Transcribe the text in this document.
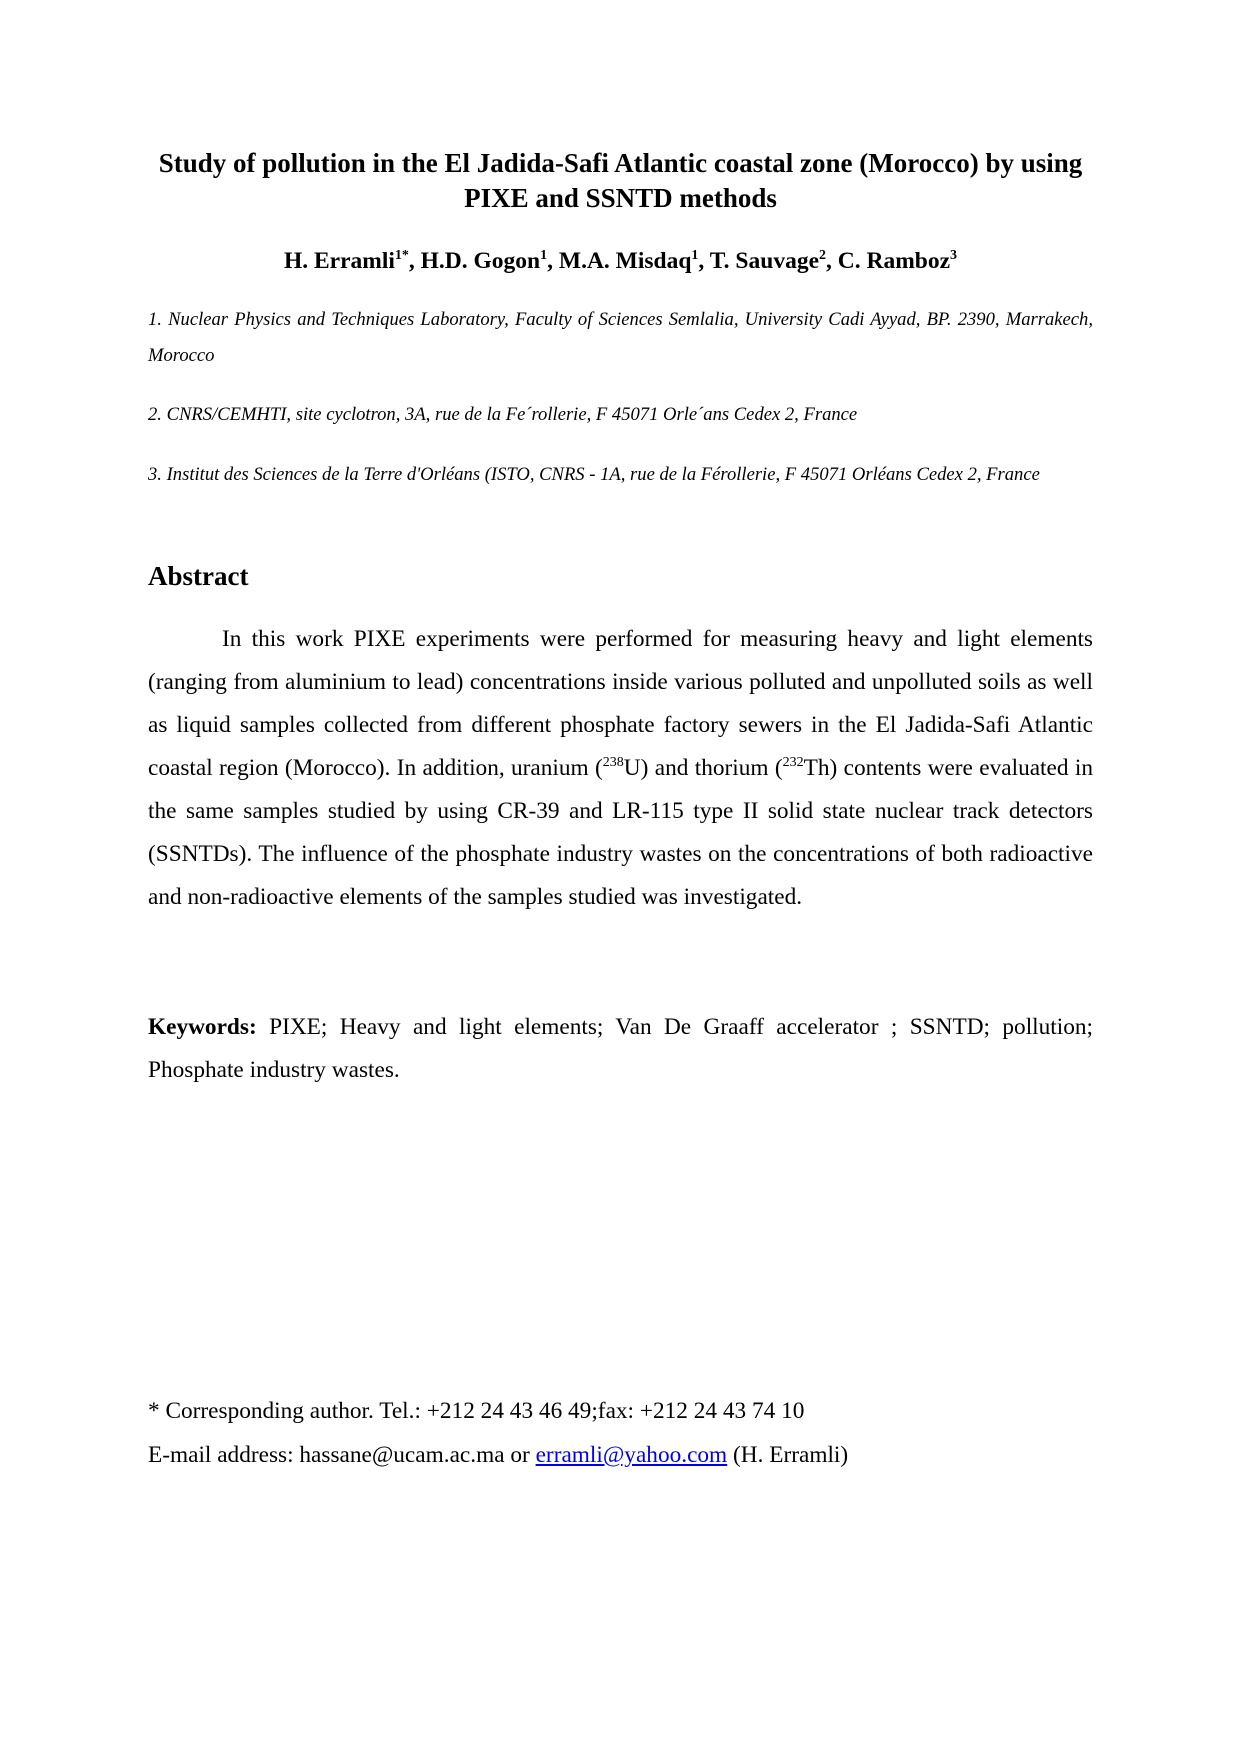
Study of pollution in the El Jadida-Safi Atlantic coastal zone (Morocco) by using PIXE and SSNTD methods
H. Erramli$^{1*}$, H.D. Gogon$^1$, M.A. Misdaq$^1$, T. Sauvage$^2$, C. Ramboz$^3$
1. Nuclear Physics and Techniques Laboratory, Faculty of Sciences Semlalia, University Cadi Ayyad, BP. 2390, Marrakech, Morocco
2. CNRS/CEMHTI, site cyclotron, 3A, rue de la Fe´rollerie, F 45071 Orle´ans Cedex 2, France
3. Institut des Sciences de la Terre d'Orléans (ISTO, CNRS - 1A, rue de la Férollerie, F 45071 Orléans Cedex 2, France
Abstract

In this work PIXE experiments were performed for measuring heavy and light elements (ranging from aluminium to lead) concentrations inside various polluted and unpolluted soils as well as liquid samples collected from different phosphate factory sewers in the El Jadida-Safi Atlantic coastal region (Morocco). In addition, uranium ($^{238}$U) and thorium ($^{232}$Th) contents were evaluated in the same samples studied by using CR-39 and LR-115 type II solid state nuclear track detectors (SSNTDs). The influence of the phosphate industry wastes on the concentrations of both radioactive and non-radioactive elements of the samples studied was investigated.

Keywords: PIXE; Heavy and light elements; Van De Graaff accelerator ; SSNTD; pollution; Phosphate industry wastes.

* Corresponding author. Tel.: +212 24 43 46 49;fax: +212 24 43 74 10
E-mail address: hassane@ucam.ac.ma or erramli@yahoo.com (H. Erramli)
